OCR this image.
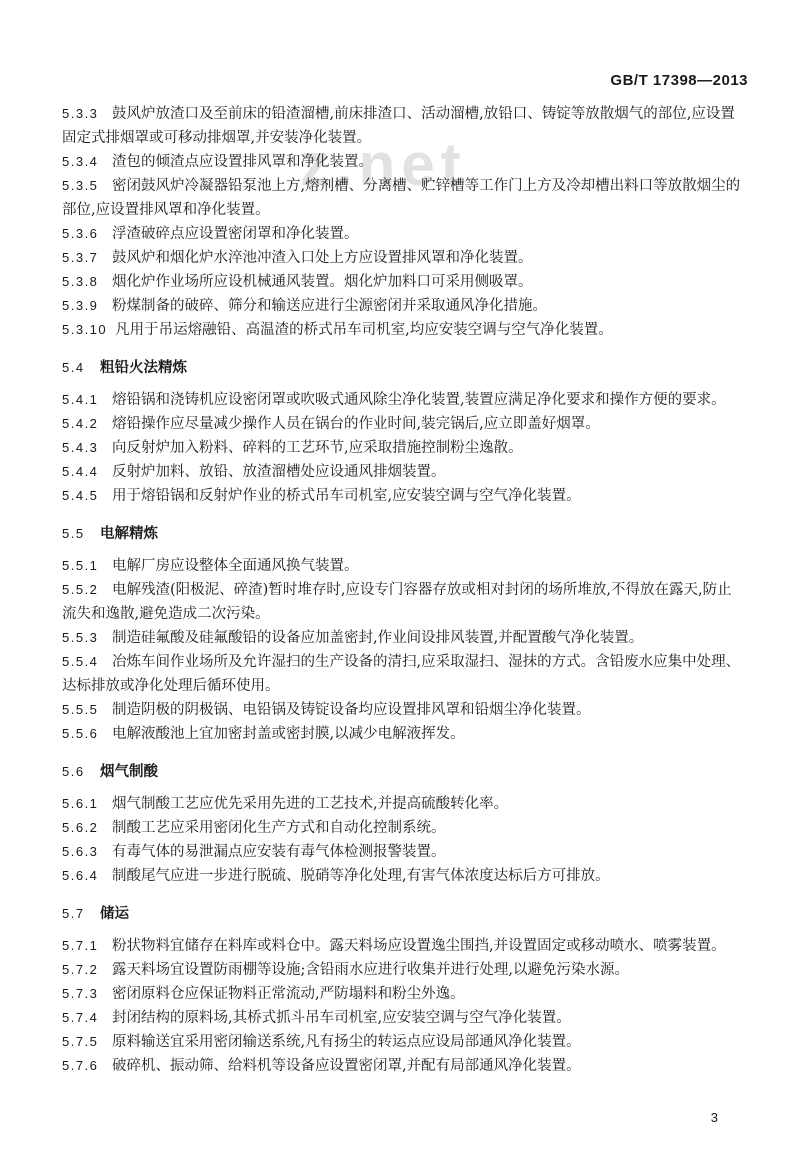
GB/T 17398—2013
z.net

5.3.3 鼓风炉放渣口及至前床的铅渣溜槽,前床排渣口、活动溜槽,放铅口、铸锭等放散烟气的部位,应设置固定式排烟罩或可移动排烟罩,并安装净化装置。

5.3.4 渣包的倾渣点应设置排风罩和净化装置。

5.3.5 密闭鼓风炉冷凝器铅泵池上方,熔剂槽、分离槽、贮锌槽等工作门上方及冷却槽出料口等放散烟尘的部位,应设置排风罩和净化装置。

5.3.6 浮渣破碎点应设置密闭罩和净化装置。

5.3.7 鼓风炉和烟化炉水淬池冲渣入口处上方应设置排风罩和净化装置。

5.3.8 烟化炉作业场所应设机械通风装置。烟化炉加料口可采用侧吸罩。

5.3.9 粉煤制备的破碎、筛分和输送应进行尘源密闭并采取通风净化措施。

5.3.10 凡用于吊运熔融铅、高温渣的桥式吊车司机室,均应安装空调与空气净化装置。

5.4 粗铅火法精炼

5.4.1 熔铅锅和浇铸机应设密闭罩或吹吸式通风除尘净化装置,装置应满足净化要求和操作方便的要求。

5.4.2 熔铅操作应尽量减少操作人员在锅台的作业时间,装完锅后,应立即盖好烟罩。

5.4.3 向反射炉加入粉料、碎料的工艺环节,应采取措施控制粉尘逸散。

5.4.4 反射炉加料、放铅、放渣溜槽处应设通风排烟装置。

5.4.5 用于熔铅锅和反射炉作业的桥式吊车司机室,应安装空调与空气净化装置。

5.5 电解精炼

5.5.1 电解厂房应设整体全面通风换气装置。

5.5.2 电解残渣(阳极泥、碎渣)暂时堆存时,应设专门容器存放或相对封闭的场所堆放,不得放在露天,防止流失和逸散,避免造成二次污染。

5.5.3 制造硅氟酸及硅氟酸铅的设备应加盖密封,作业间设排风装置,并配置酸气净化装置。

5.5.4 冶炼车间作业场所及允许湿扫的生产设备的清扫,应采取湿扫、湿抹的方式。含铅废水应集中处理、达标排放或净化处理后循环使用。

5.5.5 制造阴极的阴极锅、电铅锅及铸锭设备均应设置排风罩和铅烟尘净化装置。

5.5.6 电解液酸池上宜加密封盖或密封膜,以减少电解液挥发。

5.6 烟气制酸

5.6.1 烟气制酸工艺应优先采用先进的工艺技术,并提高硫酸转化率。

5.6.2 制酸工艺应采用密闭化生产方式和自动化控制系统。

5.6.3 有毒气体的易泄漏点应安装有毒气体检测报警装置。

5.6.4 制酸尾气应进一步进行脱硫、脱硝等净化处理,有害气体浓度达标后方可排放。

5.7 储运

5.7.1 粉状物料宜储存在料库或料仓中。露天料场应设置逸尘围挡,并设置固定或移动喷水、喷雾装置。

5.7.2 露天料场宜设置防雨棚等设施;含铅雨水应进行收集并进行处理,以避免污染水源。

5.7.3 密闭原料仓应保证物料正常流动,严防塌料和粉尘外逸。

5.7.4 封闭结构的原料场,其桥式抓斗吊车司机室,应安装空调与空气净化装置。

5.7.5 原料输送宜采用密闭输送系统,凡有扬尘的转运点应设局部通风净化装置。

5.7.6 破碎机、振动筛、给料机等设备应设置密闭罩,并配有局部通风净化装置。

3
